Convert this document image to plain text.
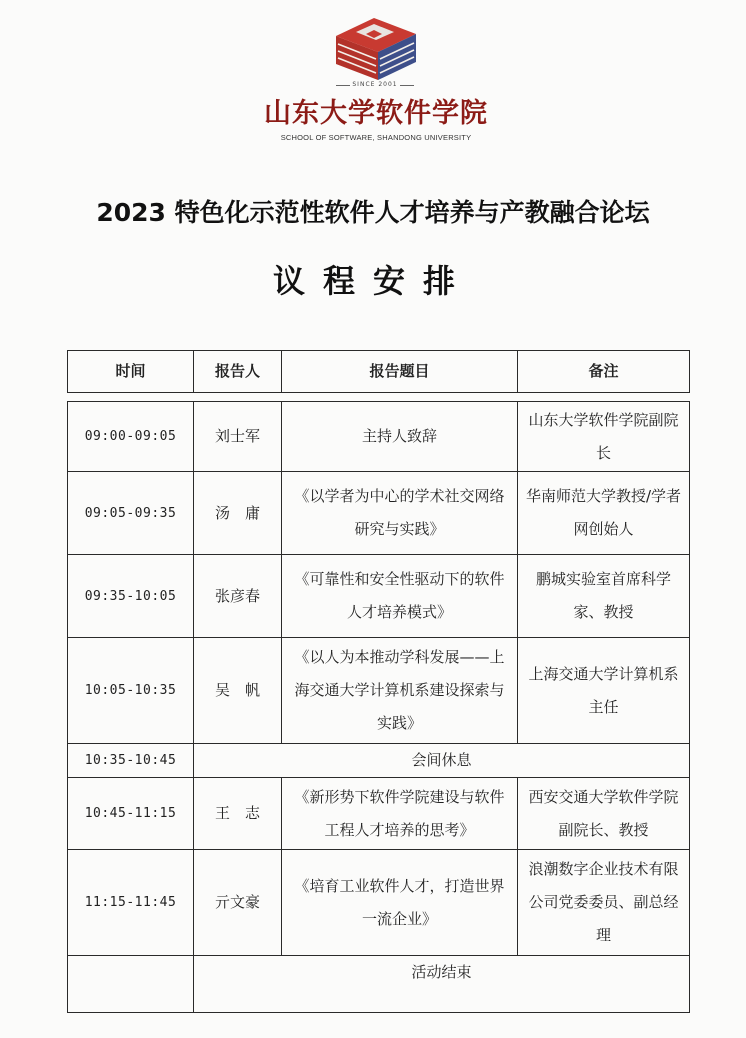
SINCE 2001
山东大学软件学院
SCHOOL OF SOFTWARE, SHANDONG UNIVERSITY
2023 特色化示范性软件人才培养与产教融合论坛
议程安排
时间	报告人	报告题目	备注

09:00-09:05	刘士军	主持人致辞	山东大学软件学院副院长
09:05-09:35	汤　庸	《以学者为中心的学术社交网络研究与实践》	华南师范大学教授/学者网创始人
09:35-10:05	张彦春	《可靠性和安全性驱动下的软件人才培养模式》	鹏城实验室首席科学家、教授
10:05-10:35	吴　帆	《以人为本推动学科发展——上海交通大学计算机系建设探索与实践》	上海交通大学计算机系主任
10:35-10:45	会间休息		
10:45-11:15	王　志	《新形势下软件学院建设与软件工程人才培养的思考》	西安交通大学软件学院副院长、教授
11:15-11:45	亓文豪	《培育工业软件人才，打造世界一流企业》	浪潮数字企业技术有限公司党委委员、副总经理
	活动结束		
